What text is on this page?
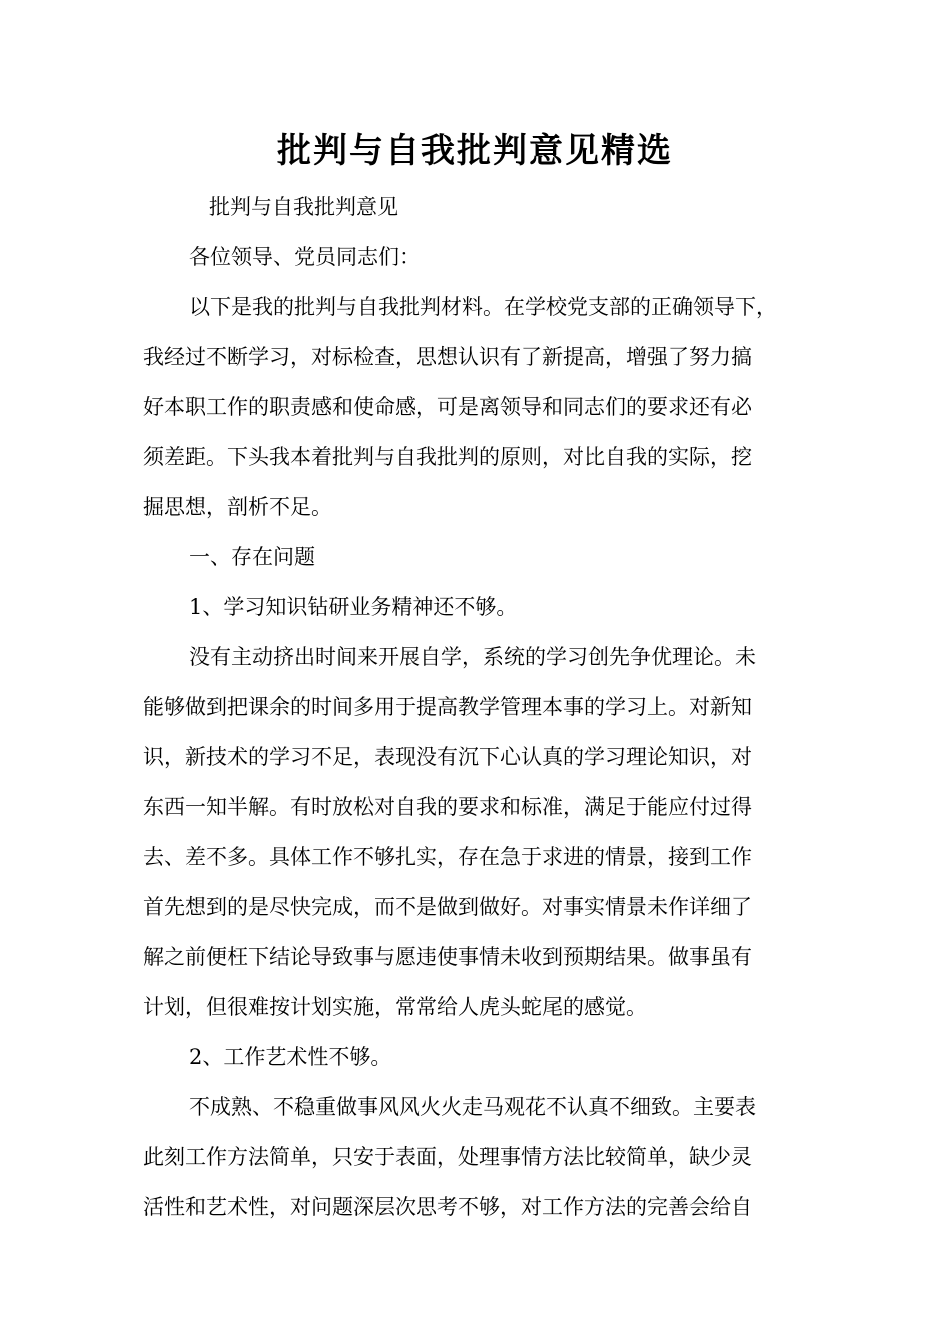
批判与自我批判意见精选
批判与自我批判意见
各位领导、党员同志们：
以下是我的批判与自我批判材料。在学校党支部的正确领导下，
我经过不断学习，对标检查，思想认识有了新提高，增强了努力搞
好本职工作的职责感和使命感，可是离领导和同志们的要求还有必
须差距。下头我本着批判与自我批判的原则，对比自我的实际，挖
掘思想，剖析不足。
一、存在问题
1、学习知识钻研业务精神还不够。
没有主动挤出时间来开展自学，系统的学习创先争优理论。未
能够做到把课余的时间多用于提高教学管理本事的学习上。对新知
识，新技术的学习不足，表现没有沉下心认真的学习理论知识，对
东西一知半解。有时放松对自我的要求和标准，满足于能应付过得
去、差不多。具体工作不够扎实，存在急于求进的情景，接到工作
首先想到的是尽快完成，而不是做到做好。对事实情景未作详细了
解之前便枉下结论导致事与愿违使事情未收到预期结果。做事虽有
计划，但很难按计划实施，常常给人虎头蛇尾的感觉。
2、工作艺术性不够。
不成熟、不稳重做事风风火火走马观花不认真不细致。主要表
此刻工作方法简单，只安于表面，处理事情方法比较简单，缺少灵
活性和艺术性，对问题深层次思考不够，对工作方法的完善会给自
